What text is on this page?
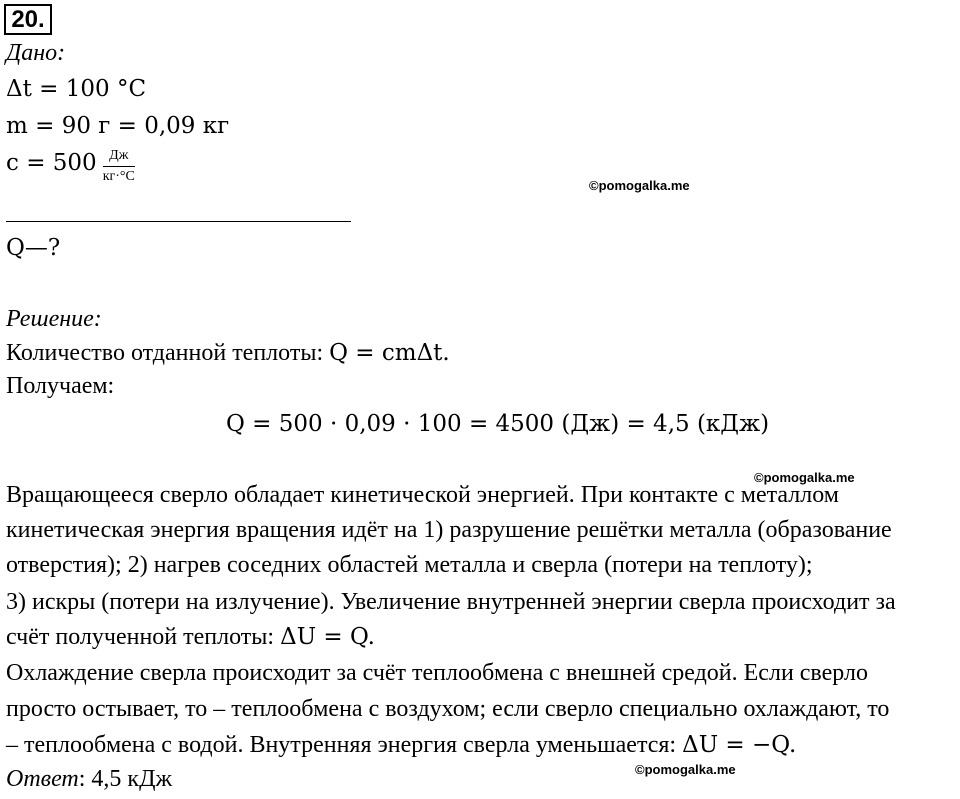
20.
Дано:
Δt = 100 °C
m = 90 г = 0,09 кг
$c = 500 \frac{Дж}{кг\cdot^\circ C}$
©pomogalka.me
Q—?
Решение:
Количество отданной теплоты: Q = cmΔt.
Получаем:
Q = 500 · 0,09 · 100 = 4500 (Дж) = 4,5 (кДж)
©pomogalka.me
Вращающееся сверло обладает кинетической энергией. При контакте с металлом
кинетическая энергия вращения идёт на 1) разрушение решётки металла (образование
отверстия); 2) нагрев соседних областей металла и сверла (потери на теплоту);
3) искры (потери на излучение). Увеличение внутренней энергии сверла происходит за
счёт полученной теплоты: ΔU = Q.
Охлаждение сверла происходит за счёт теплообмена с внешней средой. Если сверло
просто остывает, то – теплообмена с воздухом; если сверло специально охлаждают, то
– теплообмена с водой. Внутренняя энергия сверла уменьшается: ΔU = −Q.
Ответ: 4,5 кДж	©pomogalka.me
